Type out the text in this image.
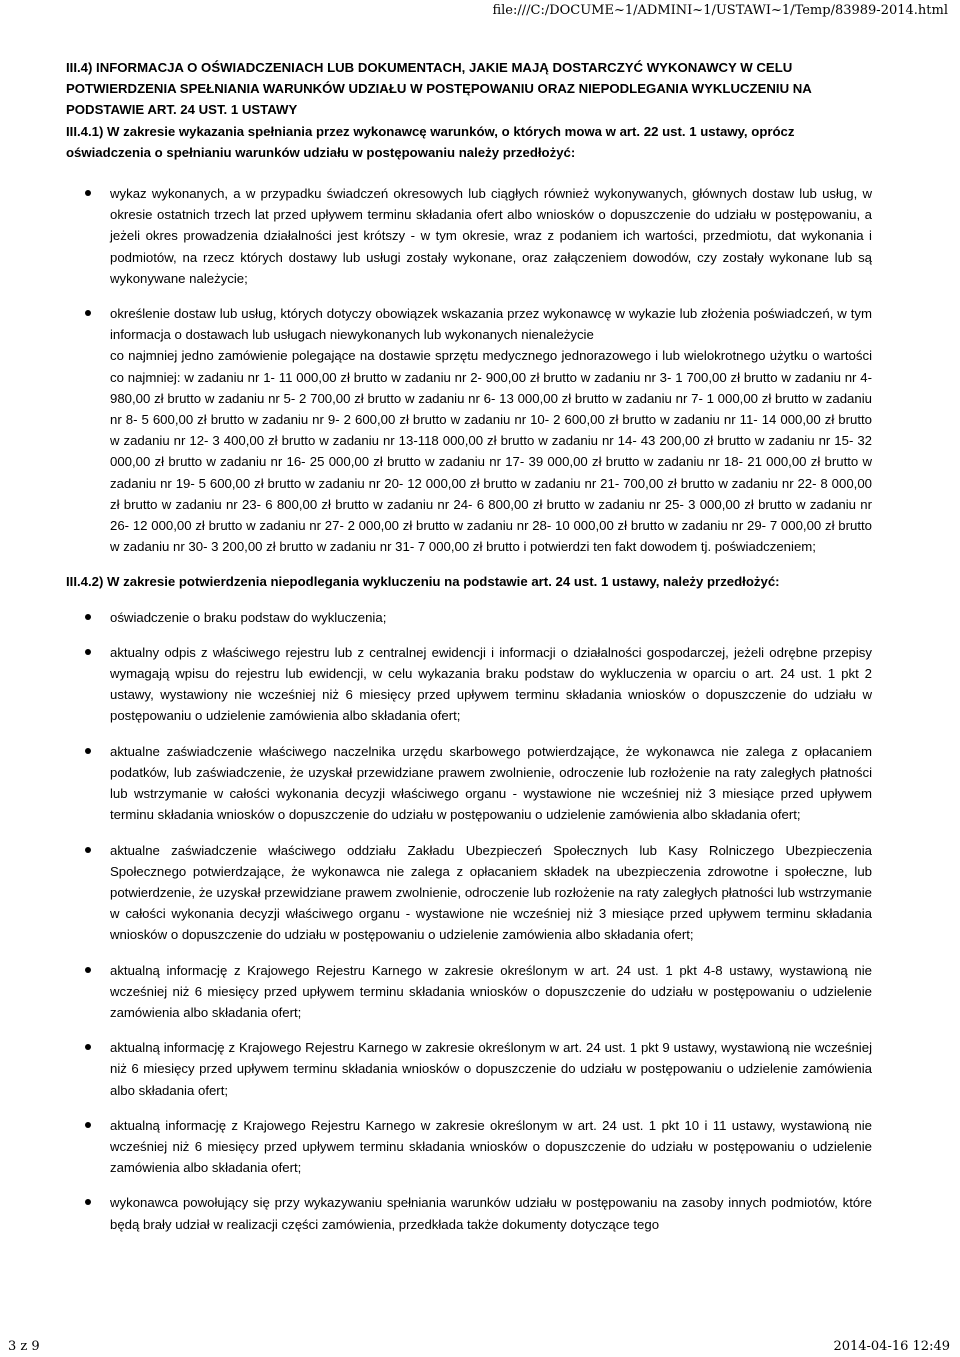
file:///C:/DOCUME~1/ADMINI~1/USTAWI~1/Temp/83989-2014.html

III.4) INFORMACJA O OŚWIADCZENIACH LUB DOKUMENTACH, JAKIE MAJĄ DOSTARCZYĆ WYKONAWCY W CELU POTWIERDZENIA SPEŁNIANIA WARUNKÓW UDZIAŁU W POSTĘPOWANIU ORAZ NIEPODLEGANIA WYKLUCZENIU NA PODSTAWIE ART. 24 UST. 1 USTAWY

III.4.1) W zakresie wykazania spełniania przez wykonawcę warunków, o których mowa w art. 22 ust. 1 ustawy, oprócz oświadczenia o spełnianiu warunków udziału w postępowaniu należy przedłożyć:

wykaz wykonanych, a w przypadku świadczeń okresowych lub ciągłych również wykonywanych, głównych dostaw lub usług, w okresie ostatnich trzech lat przed upływem terminu składania ofert albo wniosków o dopuszczenie do udziału w postępowaniu, a jeżeli okres prowadzenia działalności jest krótszy - w tym okresie, wraz z podaniem ich wartości, przedmiotu, dat wykonania i podmiotów, na rzecz których dostawy lub usługi zostały wykonane, oraz załączeniem dowodów, czy zostały wykonane lub są wykonywane należycie;
określenie dostaw lub usług, których dotyczy obowiązek wskazania przez wykonawcę w wykazie lub złożenia poświadczeń, w tym informacja o dostawach lub usługach niewykonanych lub wykonanych nienależycie
co najmniej jedno zamówienie polegające na dostawie sprzętu medycznego jednorazowego i lub wielokrotnego użytku o wartości co najmniej: w zadaniu nr 1- 11 000,00 zł brutto w zadaniu nr 2- 900,00 zł brutto w zadaniu nr 3- 1 700,00 zł brutto w zadaniu nr 4- 980,00 zł brutto w zadaniu nr 5- 2 700,00 zł brutto w zadaniu nr 6- 13 000,00 zł brutto w zadaniu nr 7- 1 000,00 zł brutto w zadaniu nr 8- 5 600,00 zł brutto w zadaniu nr 9- 2 600,00 zł brutto w zadaniu nr 10- 2 600,00 zł brutto w zadaniu nr 11- 14 000,00 zł brutto w zadaniu nr 12- 3 400,00 zł brutto w zadaniu nr 13-118 000,00 zł brutto w zadaniu nr 14- 43 200,00 zł brutto w zadaniu nr 15- 32 000,00 zł brutto w zadaniu nr 16- 25 000,00 zł brutto w zadaniu nr 17- 39 000,00 zł brutto w zadaniu nr 18- 21 000,00 zł brutto w zadaniu nr 19- 5 600,00 zł brutto w zadaniu nr 20- 12 000,00 zł brutto w zadaniu nr 21- 700,00 zł brutto w zadaniu nr 22- 8 000,00 zł brutto w zadaniu nr 23- 6 800,00 zł brutto w zadaniu nr 24- 6 800,00 zł brutto w zadaniu nr 25- 3 000,00 zł brutto w zadaniu nr 26- 12 000,00 zł brutto w zadaniu nr 27- 2 000,00 zł brutto w zadaniu nr 28- 10 000,00 zł brutto w zadaniu nr 29- 7 000,00 zł brutto w zadaniu nr 30- 3 200,00 zł brutto w zadaniu nr 31- 7 000,00 zł brutto i potwierdzi ten fakt dowodem tj. poświadczeniem;

III.4.2) W zakresie potwierdzenia niepodlegania wykluczeniu na podstawie art. 24 ust. 1 ustawy, należy przedłożyć:

oświadczenie o braku podstaw do wykluczenia;
aktualny odpis z właściwego rejestru lub z centralnej ewidencji i informacji o działalności gospodarczej, jeżeli odrębne przepisy wymagają wpisu do rejestru lub ewidencji, w celu wykazania braku podstaw do wykluczenia w oparciu o art. 24 ust. 1 pkt 2 ustawy, wystawiony nie wcześniej niż 6 miesięcy przed upływem terminu składania wniosków o dopuszczenie do udziału w postępowaniu o udzielenie zamówienia albo składania ofert;
aktualne zaświadczenie właściwego naczelnika urzędu skarbowego potwierdzające, że wykonawca nie zalega z opłacaniem podatków, lub zaświadczenie, że uzyskał przewidziane prawem zwolnienie, odroczenie lub rozłożenie na raty zaległych płatności lub wstrzymanie w całości wykonania decyzji właściwego organu - wystawione nie wcześniej niż 3 miesiące przed upływem terminu składania wniosków o dopuszczenie do udziału w postępowaniu o udzielenie zamówienia albo składania ofert;
aktualne zaświadczenie właściwego oddziału Zakładu Ubezpieczeń Społecznych lub Kasy Rolniczego Ubezpieczenia Społecznego potwierdzające, że wykonawca nie zalega z opłacaniem składek na ubezpieczenia zdrowotne i społeczne, lub potwierdzenie, że uzyskał przewidziane prawem zwolnienie, odroczenie lub rozłożenie na raty zaległych płatności lub wstrzymanie w całości wykonania decyzji właściwego organu - wystawione nie wcześniej niż 3 miesiące przed upływem terminu składania wniosków o dopuszczenie do udziału w postępowaniu o udzielenie zamówienia albo składania ofert;
aktualną informację z Krajowego Rejestru Karnego w zakresie określonym w art. 24 ust. 1 pkt 4-8 ustawy, wystawioną nie wcześniej niż 6 miesięcy przed upływem terminu składania wniosków o dopuszczenie do udziału w postępowaniu o udzielenie zamówienia albo składania ofert;
aktualną informację z Krajowego Rejestru Karnego w zakresie określonym w art. 24 ust. 1 pkt 9 ustawy, wystawioną nie wcześniej niż 6 miesięcy przed upływem terminu składania wniosków o dopuszczenie do udziału w postępowaniu o udzielenie zamówienia albo składania ofert;
aktualną informację z Krajowego Rejestru Karnego w zakresie określonym w art. 24 ust. 1 pkt 10 i 11 ustawy, wystawioną nie wcześniej niż 6 miesięcy przed upływem terminu składania wniosków o dopuszczenie do udziału w postępowaniu o udzielenie zamówienia albo składania ofert;
wykonawca powołujący się przy wykazywaniu spełniania warunków udziału w postępowaniu na zasoby innych podmiotów, które będą brały udział w realizacji części zamówienia, przedkłada także dokumenty dotyczące tego
3 z 9	2014-04-16 12:49
